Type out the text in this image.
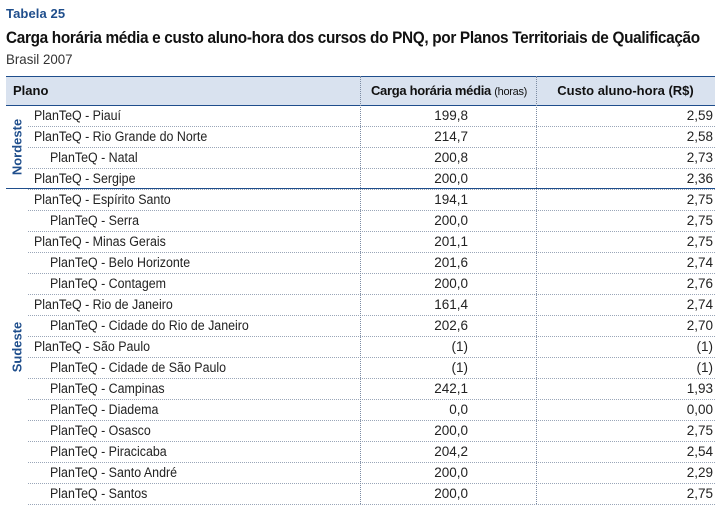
Tabela 25
Carga horária média e custo aluno-hora dos cursos do PNQ, por Planos Territoriais de Qualificação
Brasil 2007
Plano	Carga horária média (horas)	Custo aluno-hora (R$)
PlanTeQ - Piauí	199,8	2,59
PlanTeQ - Rio Grande do Norte	214,7	2,58
PlanTeQ - Natal	200,8	2,73
PlanTeQ - Sergipe	200,0	2,36
Nordeste
PlanTeQ - Espírito Santo	194,1	2,75
PlanTeQ - Serra	200,0	2,75
PlanTeQ - Minas Gerais	201,1	2,75
PlanTeQ - Belo Horizonte	201,6	2,74
PlanTeQ - Contagem	200,0	2,76
PlanTeQ - Rio de Janeiro	161,4	2,74
PlanTeQ - Cidade do Rio de Janeiro	202,6	2,70
PlanTeQ - São Paulo	(1)	(1)
PlanTeQ - Cidade de São Paulo	(1)	(1)
PlanTeQ - Campinas	242,1	1,93
PlanTeQ - Diadema	0,0	0,00
PlanTeQ - Osasco	200,0	2,75
PlanTeQ - Piracicaba	204,2	2,54
PlanTeQ - Santo André	200,0	2,29
PlanTeQ - Santos	200,0	2,75
Sudeste
